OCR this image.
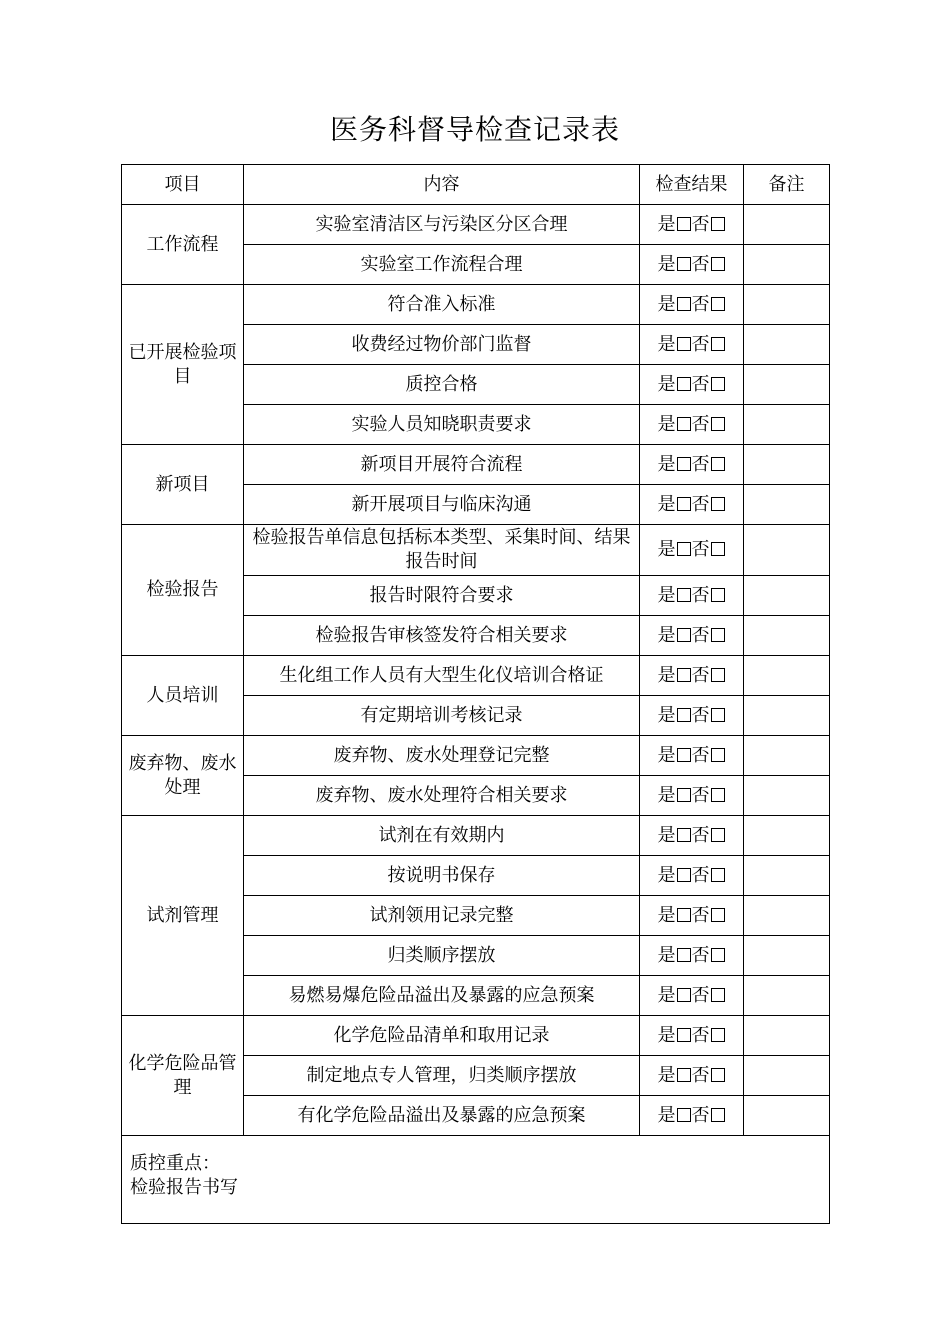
医务科督导检查记录表
项目	内容	检查结果	备注
工作流程	实验室清洁区与污染区分区合理	是 否	
	实验室工作流程合理	是 否	
已开展检验项目	符合准入标准	是 否	
	收费经过物价部门监督	是 否	
	质控合格	是 否	
	实验人员知晓职责要求	是 否	
新项目	新项目开展符合流程	是 否	
	新开展项目与临床沟通	是 否	
检验报告	检验报告单信息包括标本类型、采集时间、结果报告时间	是 否	
	报告时限符合要求	是 否	
	检验报告审核签发符合相关要求	是 否	
人员培训	生化组工作人员有大型生化仪培训合格证	是 否	
	有定期培训考核记录	是 否	
废弃物、废水处理	废弃物、废水处理登记完整	是 否	
	废弃物、废水处理符合相关要求	是 否	
试剂管理	试剂在有效期内	是 否	
	按说明书保存	是 否	
	试剂领用记录完整	是 否	
	归类顺序摆放	是 否	
	易燃易爆危险品溢出及暴露的应急预案	是 否	
化学危险品管理	化学危险品清单和取用记录	是 否	
	制定地点专人管理，归类顺序摆放	是 否	
	有化学危险品溢出及暴露的应急预案	是 否	

质控重点：
检验报告书写			
